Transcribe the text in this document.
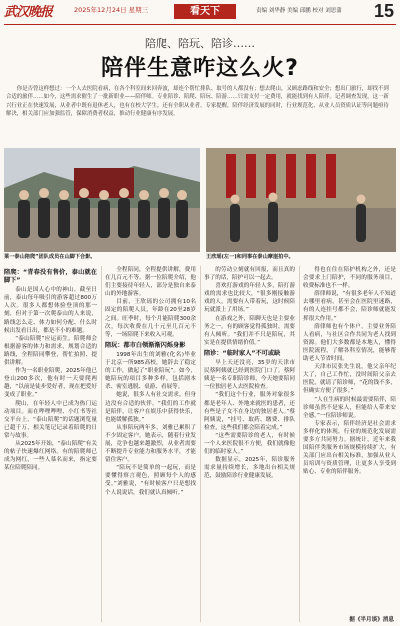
武汉晚报	2025年12月24日 星期三	看天下	责编 刘华静 美编 邱鹏 校对 刘思蒲 15
陪爬、陪玩、陪诊……
陪伴生意咋这么火?
你是否曾这样想过：一个人去医院看病，在各个科室间来回奔波，却连个帮忙排队、取号的人都没有；想去爬山，又顾虑路线和安全；想出门旅行，却找不到合适的旅伴……如今，这些需求催生了一批新职业——陪伴师。专业陪诊、陪爬、陪玩、陪游……只需支付一定费用，就能找到有人陪伴。记者调查发现，这一新兴行业正在快速发展，从业者中既有退休老人，也有在校大学生，还有全职从业者。专家提醒，陪伴经济发展的同时，行业规范化、从业人员资质认证等问题亟待解决，相关部门应加强监管，保障消费者权益，推动行业健康有序发展。
莱一泰山陪爬”团队成员在山脚下合影。	王欣瑶(左一)和同事在泰山摩崖拍中。

陪爬：“青春没有售价，泰山就在脚下”

泰山是国人心中的神山。截至日前，泰山每年吸引的游客超过800万人次。很多人都想体验登顶的那一刻，但对于第一次爬泰山的人来说，路线怎么走、体力如何分配、什么时候出发看日出，都是不小的难题。

“泰山陪爬”应运而生。陪爬师会根据游客的体力和需求，规划合适的路线，全程陪同攀登，帮忙拍照、提供讲解。

作为一名职业陪爬，2025年他已登山200多次，他有时一天要爬两趟，“以前是徒步爱好者，现在把爱好变成了职业。”

爬山，在年轻人中已成为热门运动项目。而在哔哩哔哩、小红书等社交平台上，“泰山陪爬”的话题浏览量已超千万，相关笔记记录着陪爬的日常与故事。

从2025年开始，“泰山陪爬”有关的帖子快速爆红网络。有的陪爬师已成为网红，一些人慕名而来，指定要某位陪爬陪同。

全程陪同，全程提供讲解，费用在几百元不等。据一位陪爬介绍，他们主要接待年轻人，部分是独自来泰山的外地游客。

目前，王欣瑶的公司拥有10名固定的陪爬人员，年龄在20至28岁之间。旺季时，每个月能陪爬300余次，每次收费在几十元至几百元不等，一场陪爬下来收入可观。

陪玩：都市白领渐渐闪烁身影

1998年出生的刘雅(化名)毕业于北京一所985高校，她辞去了稳定的工作，做起了“职业陪玩”。如今，她陪玩的项目多种多样，包括剧本杀、密室逃脱、桌游、看展等。

她说，很多人有社交需求，但身边没有合适的伙伴。“我们的工作就是陪伴，让客户在娱乐中获得快乐，也能缓解孤独。”

从事陪玩两年多，刘雅已累积了不少固定客户。她表示，随着行业发展，竞争也越来越激烈，从业者需要不断提升专业能力和服务水平，才能留住客户。

“陪玩不是简单的一起玩，而是要懂得察言观色，照顾每个人的感受。”刘雅说，“有时候客户只是想找个人说说话，我们就认真倾听。”

的劳动立刻就有回报，而且真的事了的话，陪护可以一起去。

喜欢打游戏的年轻人多，陪打游戏的需求也比较大，“很多刚接触游戏的人，需要有人带着玩，这时候陪玩就派上了用场。”

在游戏之外，陪聊天也是主要业务之一。有的顾客觉得孤独时，需要有人倾听。“我们并不只是陪玩，其实是在提供情绪价值。”

陪诊：“临时家人”不可或缺

早上天还没亮，35岁的天津市民蔡阿姨就已经到医院门口了。蔡阿姨是一名专职陪诊师，今天她要陪同一位独居老人去医院检查。

“我们这个行业，服务对象很多都是老年人、外地来就医的患者，还有些是子女不在身边的独居老人。”蔡阿姨说，“挂号、取药、缴费、排队检查，这些我们都会陪着完成。”

“这些需要陪诊的老人，有时候一个人来医院很不方便，我们就像他们的临时家人。”

数据显示，2025年，陪诊服务需求量持续增长，多地出台相关规范，鼓励陪诊行业健康发展。

得也在住在陪护机构之外，还是会要求上门陪护，不同的服务项目，收费标准也不一样。

薛律师说，“有很多老年人不知道去哪里看病，甚至会在医院里迷路，有的人连挂号都不会，陪诊师就能发挥很大作用。”

薛律师也有个体户，主要业务陪人看病，与社区合作共同为老人找到资源。他们大多数都是本地人，懂得医院流程，了解各科室情况，能够帮助老人节省时间。

天津市民张先生说，他父亲年纪大了，自己工作忙，没时间陪父亲去医院，就请了陪诊师，“花的钱不多，但确实方便了很多。”

“人在生病的时候最需要陪伴，陪诊师虽然不是家人，但能给人带来安全感。”一位陪诊师说。

专家表示，陪伴经济是社会需求多样化的体现，行业的规范化发展需要多方共同努力。据统计，近年来我国陪伴类服务市场规模持续扩大，有关部门应出台相关标准，加强从业人员培训与资质管理，让更多人享受到贴心、专业的陪伴服务。

据《半月谈》消息
